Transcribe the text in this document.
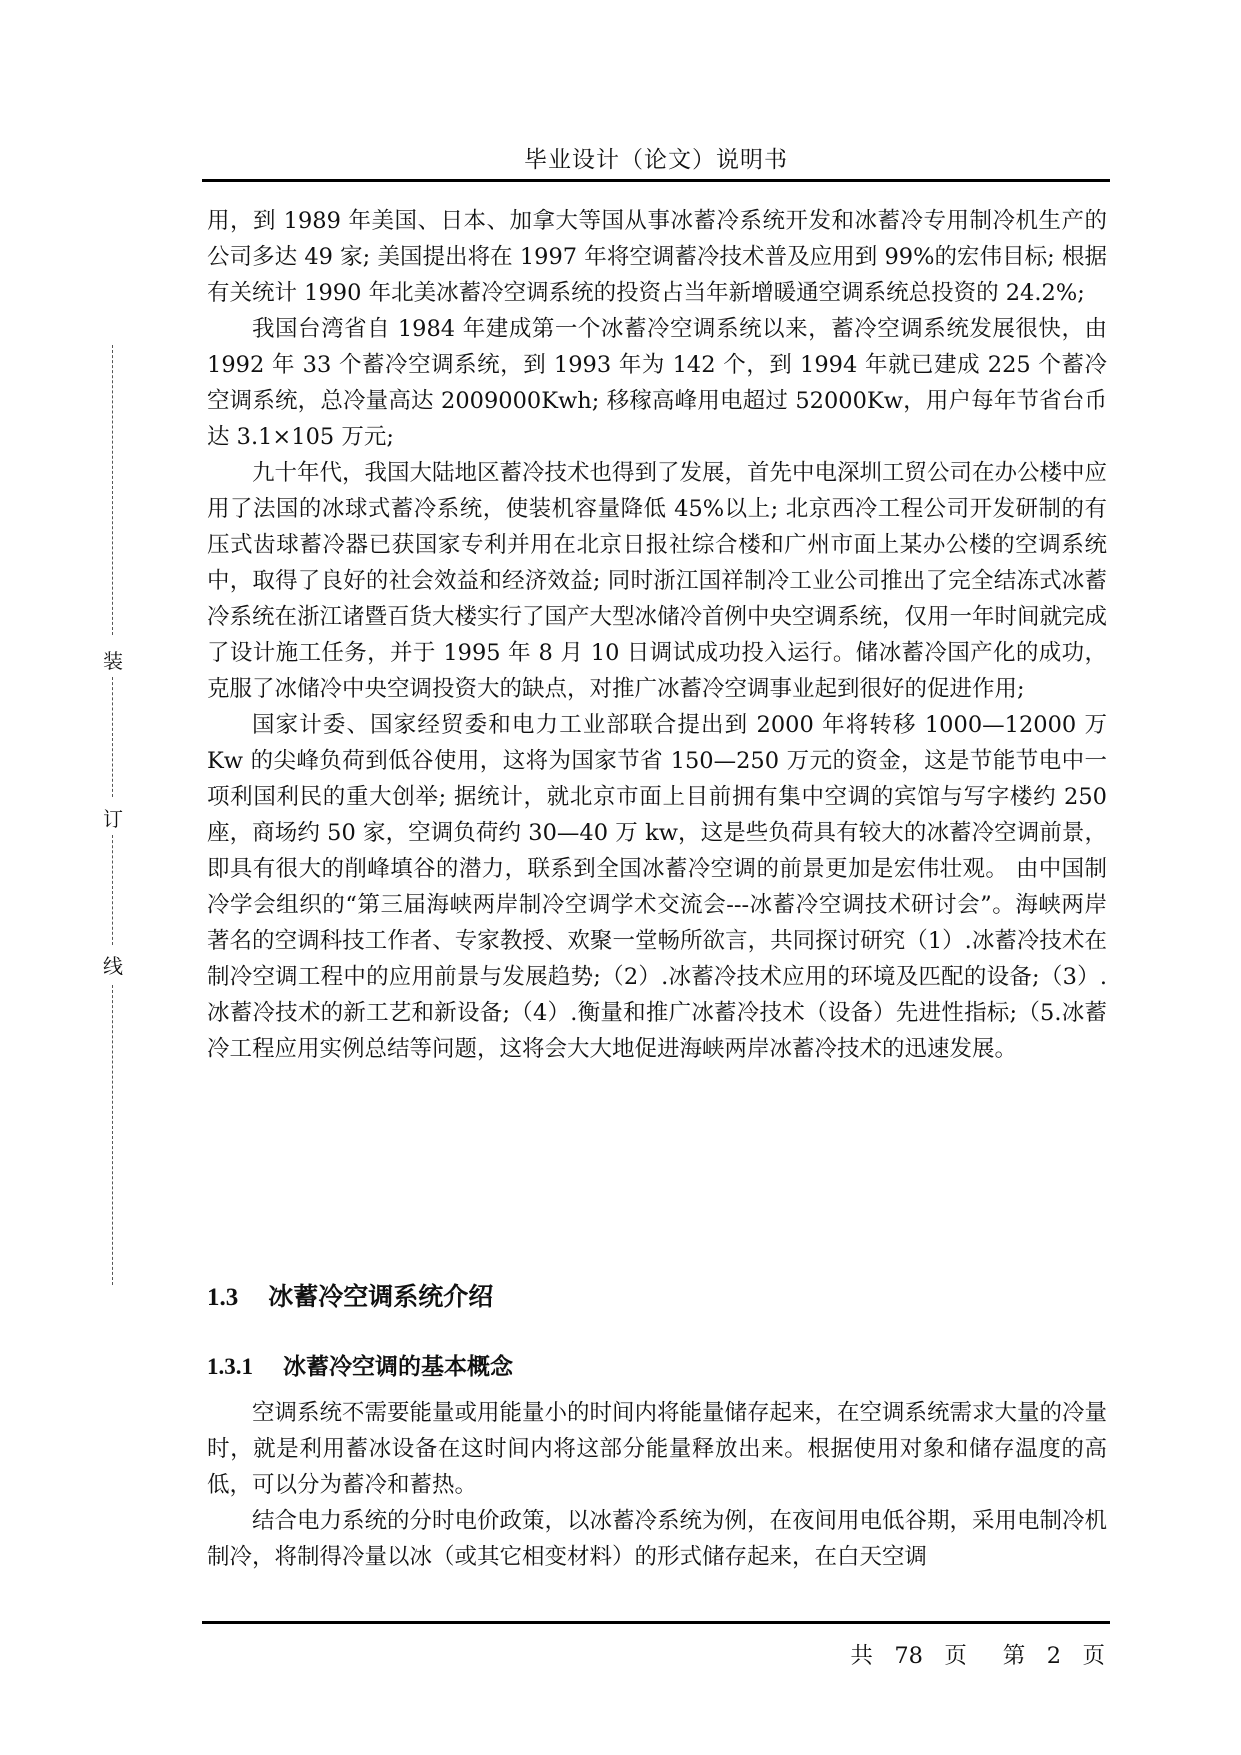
装
订
线
毕业设计（论文）说明书

用，到 1989 年美国、日本、加拿大等国从事冰蓄冷系统开发和冰蓄冷专用制冷机生产的公司多达 49 家; 美国提出将在 1997 年将空调蓄冷技术普及应用到 99%的宏伟目标; 根据有关统计 1990 年北美冰蓄冷空调系统的投资占当年新增暖通空调系统总投资的 24.2%;

我国台湾省自 1984 年建成第一个冰蓄冷空调系统以来，蓄冷空调系统发展很快，由 1992 年 33 个蓄冷空调系统，到 1993 年为 142 个，到 1994 年就已建成 225 个蓄冷空调系统，总冷量高达 2009000Kwh; 移稼高峰用电超过 52000Kw，用户每年节省台币达 3.1×105 万元;

九十年代，我国大陆地区蓄冷技术也得到了发展，首先中电深圳工贸公司在办公楼中应用了法国的冰球式蓄冷系统，使装机容量降低 45%以上; 北京西冷工程公司开发研制的有压式齿球蓄冷器已获国家专利并用在北京日报社综合楼和广州市面上某办公楼的空调系统中，取得了良好的社会效益和经济效益; 同时浙江国祥制冷工业公司推出了完全结冻式冰蓄冷系统在浙江诸暨百货大楼实行了国产大型冰储冷首例中央空调系统，仅用一年时间就完成了设计施工任务，并于 1995 年 8 月 10 日调试成功投入运行。储冰蓄冷国产化的成功，克服了冰储冷中央空调投资大的缺点，对推广冰蓄冷空调事业起到很好的促进作用;

国家计委、国家经贸委和电力工业部联合提出到 2000 年将转移 1000—12000 万 Kw 的尖峰负荷到低谷使用，这将为国家节省 150—250 万元的资金，这是节能节电中一项利国利民的重大创举; 据统计，就北京市面上目前拥有集中空调的宾馆与写字楼约 250 座，商场约 50 家，空调负荷约 30—40 万 kw，这是些负荷具有较大的冰蓄冷空调前景，即具有很大的削峰填谷的潜力，联系到全国冰蓄冷空调的前景更加是宏伟壮观。 由中国制冷学会组织的“第三届海峡两岸制冷空调学术交流会---冰蓄冷空调技术研讨会”。海峡两岸著名的空调科技工作者、专家教授、欢聚一堂畅所欲言，共同探讨研究（1）.冰蓄冷技术在制冷空调工程中的应用前景与发展趋势;（2）.冰蓄冷技术应用的环境及匹配的设备;（3）.冰蓄冷技术的新工艺和新设备;（4）.衡量和推广冰蓄冷技术（设备）先进性指标;（5.冰蓄冷工程应用实例总结等问题，这将会大大地促进海峡两岸冰蓄冷技术的迅速发展。

1.3 冰蓄冷空调系统介绍
1.3.1 冰蓄冷空调的基本概念

空调系统不需要能量或用能量小的时间内将能量储存起来，在空调系统需求大量的冷量时，就是利用蓄冰设备在这时间内将这部分能量释放出来。根据使用对象和储存温度的高低，可以分为蓄冷和蓄热。

结合电力系统的分时电价政策，以冰蓄冷系统为例，在夜间用电低谷期，采用电制冷机制冷，将制得冷量以冰（或其它相变材料）的形式储存起来，在白天空调

共 78 页 第 2 页
